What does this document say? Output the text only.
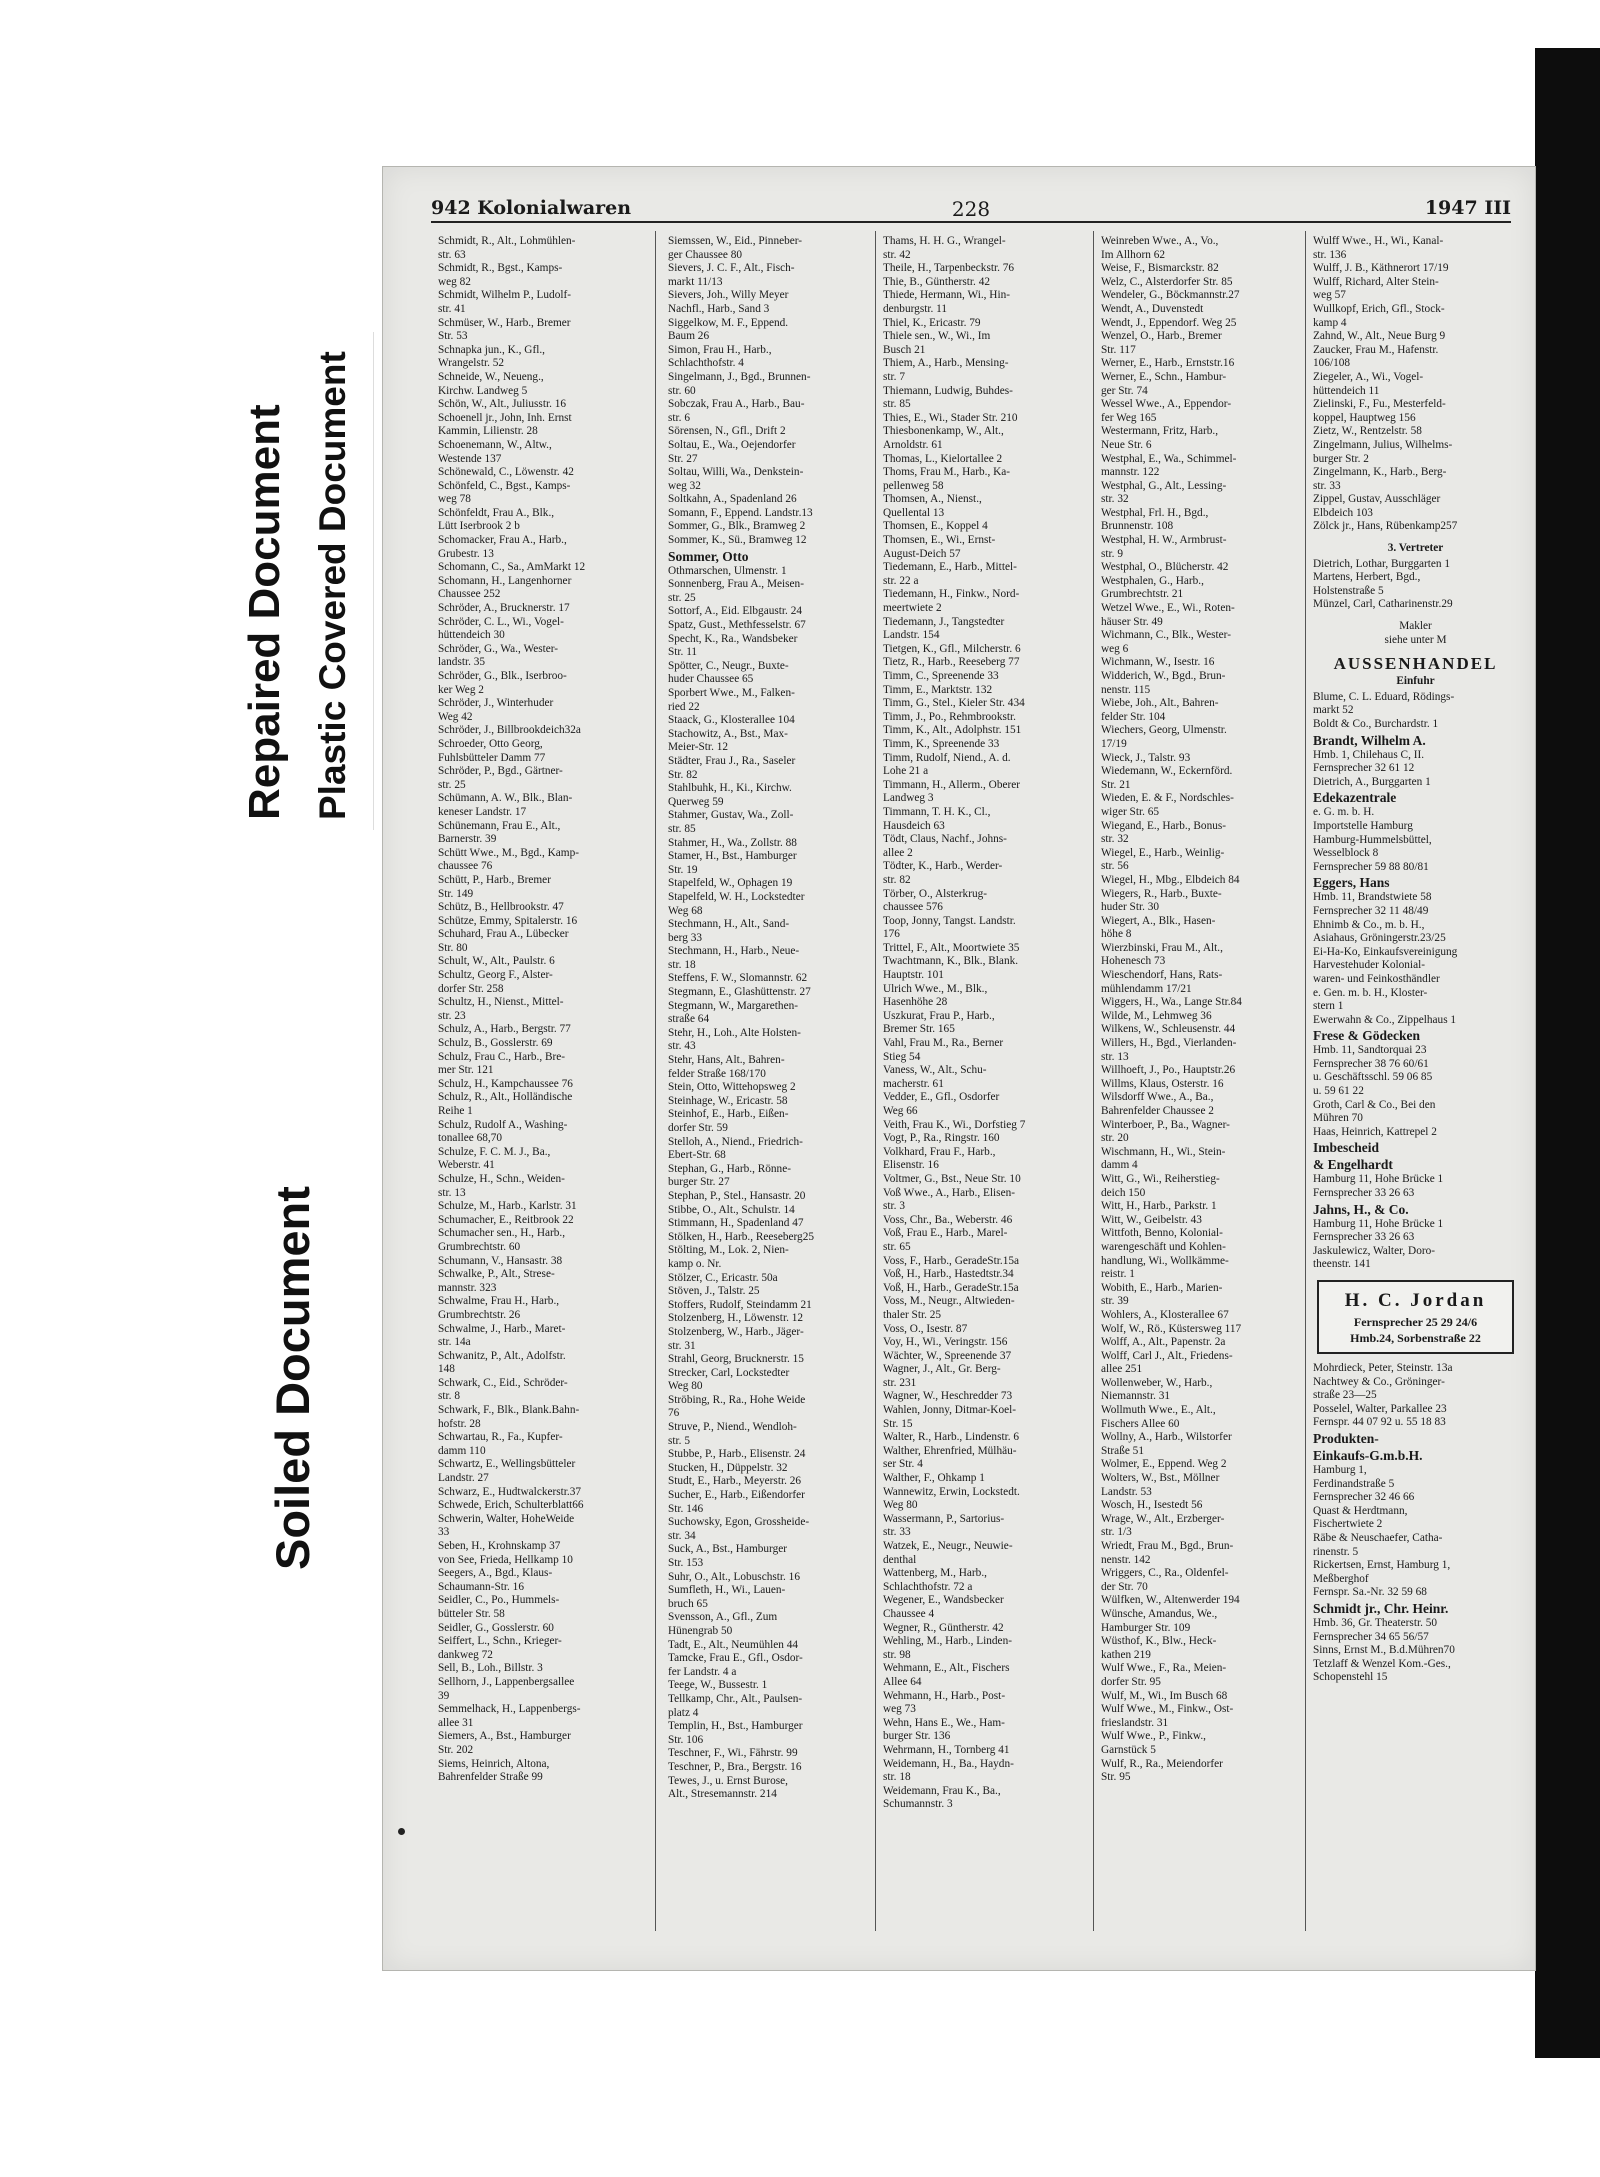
Repaired Document Plastic Covered Document
Soiled Document
942 Kolonialwaren	228	1947 III
Schmidt, R., Alt., Lohmühlen-
str. 63
Schmidt, R., Bgst., Kamps-
weg 82
Schmidt, Wilhelm P., Ludolf-
str. 41
Schmüser, W., Harb., Bremer
Str. 53
Schnapka jun., K., Gfl.,
Wrangelstr. 52
Schneide, W., Neueng.,
Kirchw. Landweg 5
Schön, W., Alt., Juliusstr. 16
Schoenell jr., John, Inh. Ernst
Kammin, Lilienstr. 28
Schoenemann, W., Altw.,
Westende 137
Schönewald, C., Löwenstr. 42
Schönfeld, C., Bgst., Kamps-
weg 78
Schönfeldt, Frau A., Blk.,
Lütt Iserbrook 2 b
Schomacker, Frau A., Harb.,
Grubestr. 13
Schomann, C., Sa., AmMarkt 12
Schomann, H., Langenhorner
Chaussee 252
Schröder, A., Brucknerstr. 17
Schröder, C. L., Wi., Vogel-
hüttendeich 30
Schröder, G., Wa., Wester-
landstr. 35
Schröder, G., Blk., Iserbroo-
ker Weg 2
Schröder, J., Winterhuder
Weg 42
Schröder, J., Billbrookdeich32a
Schroeder, Otto Georg,
Fuhlsbütteler Damm 77
Schröder, P., Bgd., Gärtner-
str. 25
Schümann, A. W., Blk., Blan-
keneser Landstr. 17
Schünemann, Frau E., Alt.,
Barnerstr. 39
Schütt Wwe., M., Bgd., Kamp-
chaussee 76
Schütt, P., Harb., Bremer
Str. 149
Schütz, B., Hellbrookstr. 47
Schütze, Emmy, Spitalerstr. 16
Schuhard, Frau A., Lübecker
Str. 80
Schult, W., Alt., Paulstr. 6
Schultz, Georg F., Alster-
dorfer Str. 258
Schultz, H., Nienst., Mittel-
str. 23
Schulz, A., Harb., Bergstr. 77
Schulz, B., Gosslerstr. 69
Schulz, Frau C., Harb., Bre-
mer Str. 121
Schulz, H., Kampchaussee 76
Schulz, R., Alt., Holländische
Reihe 1
Schulz, Rudolf A., Washing-
tonallee 68,70
Schulze, F. C. M. J., Ba.,
Weberstr. 41
Schulze, H., Schn., Weiden-
str. 13
Schulze, M., Harb., Karlstr. 31
Schumacher, E., Reitbrook 22
Schumacher sen., H., Harb.,
Grumbrechtstr. 60
Schumann, V., Hansastr. 38
Schwalke, P., Alt., Strese-
mannstr. 323
Schwalme, Frau H., Harb.,
Grumbrechtstr. 26
Schwalme, J., Harb., Maret-
str. 14a
Schwanitz, P., Alt., Adolfstr.
148
Schwark, C., Eid., Schröder-
str. 8
Schwark, F., Blk., Blank.Bahn-
hofstr. 28
Schwartau, R., Fa., Kupfer-
damm 110
Schwartz, E., Wellingsbütteler
Landstr. 27
Schwarz, E., Hudtwalckerstr.37
Schwede, Erich, Schulterblatt66
Schwerin, Walter, HoheWeide
33
Seben, H., Krohnskamp 37
von See, Frieda, Hellkamp 10
Seegers, A., Bgd., Klaus-
Schaumann-Str. 16
Seidler, C., Po., Hummels-
bütteler Str. 58
Seidler, G., Gosslerstr. 60
Seiffert, L., Schn., Krieger-
dankweg 72
Sell, B., Loh., Billstr. 3
Sellhorn, J., Lappenbergsallee
39
Semmelhack, H., Lappenbergs-
allee 31
Siemers, A., Bst., Hamburger
Str. 202
Siems, Heinrich, Altona,
Bahrenfelder Straße 99
Siemssen, W., Eid., Pinneber-
ger Chaussee 80
Sievers, J. C. F., Alt., Fisch-
markt 11/13
Sievers, Joh., Willy Meyer
Nachfl., Harb., Sand 3
Siggelkow, M. F., Eppend.
Baum 26
Simon, Frau H., Harb.,
Schlachthofstr. 4
Singelmann, J., Bgd., Brunnen-
str. 60
Sobczak, Frau A., Harb., Bau-
str. 6
Sörensen, N., Gfl., Drift 2
Soltau, E., Wa., Oejendorfer
Str. 27
Soltau, Willi, Wa., Denkstein-
weg 32
Soltkahn, A., Spadenland 26
Somann, F., Eppend. Landstr.13
Sommer, G., Blk., Bramweg 2
Sommer, K., Sü., Bramweg 12
Sommer, Otto
Othmarschen, Ulmenstr. 1
Sonnenberg, Frau A., Meisen-
str. 25
Sottorf, A., Eid. Elbgaustr. 24
Spatz, Gust., Methfesselstr. 67
Specht, K., Ra., Wandsbeker
Str. 11
Spötter, C., Neugr., Buxte-
huder Chaussee 65
Sporbert Wwe., M., Falken-
ried 22
Staack, G., Klosterallee 104
Stachowitz, A., Bst., Max-
Meier-Str. 12
Städter, Frau J., Ra., Saseler
Str. 82
Stahlbuhk, H., Ki., Kirchw.
Querweg 59
Stahmer, Gustav, Wa., Zoll-
str. 85
Stahmer, H., Wa., Zollstr. 88
Stamer, H., Bst., Hamburger
Str. 19
Stapelfeld, W., Ophagen 19
Stapelfeld, W. H., Lockstedter
Weg 68
Stechmann, H., Alt., Sand-
berg 33
Stechmann, H., Harb., Neue-
str. 18
Steffens, F. W., Slomannstr. 62
Stegmann, E., Glashüttenstr. 27
Stegmann, W., Margarethen-
straße 64
Stehr, H., Loh., Alte Holsten-
str. 43
Stehr, Hans, Alt., Bahren-
felder Straße 168/170
Stein, Otto, Wittehopsweg 2
Steinhage, W., Ericastr. 58
Steinhof, E., Harb., Eißen-
dorfer Str. 59
Stelloh, A., Niend., Friedrich-
Ebert-Str. 68
Stephan, G., Harb., Rönne-
burger Str. 27
Stephan, P., Stel., Hansastr. 20
Stibbe, O., Alt., Schulstr. 14
Stimmann, H., Spadenland 47
Stölken, H., Harb., Reeseberg25
Stölting, M., Lok. 2, Nien-
kamp o. Nr.
Stölzer, C., Ericastr. 50a
Stöven, J., Talstr. 25
Stoffers, Rudolf, Steindamm 21
Stolzenberg, H., Löwenstr. 12
Stolzenberg, W., Harb., Jäger-
str. 31
Strahl, Georg, Brucknerstr. 15
Strecker, Carl, Lockstedter
Weg 80
Ströbing, R., Ra., Hohe Weide
76
Struve, P., Niend., Wendloh-
str. 5
Stubbe, P., Harb., Elisenstr. 24
Stucken, H., Düppelstr. 32
Studt, E., Harb., Meyerstr. 26
Sucher, E., Harb., Eißendorfer
Str. 146
Suchowsky, Egon, Grossheide-
str. 34
Suck, A., Bst., Hamburger
Str. 153
Suhr, O., Alt., Lobuschstr. 16
Sumfleth, H., Wi., Lauen-
bruch 65
Svensson, A., Gfl., Zum
Hünengrab 50
Tadt, E., Alt., Neumühlen 44
Tamcke, Frau E., Gfl., Osdor-
fer Landstr. 4 a
Teege, W., Bussestr. 1
Tellkamp, Chr., Alt., Paulsen-
platz 4
Templin, H., Bst., Hamburger
Str. 106
Teschner, F., Wi., Fährstr. 99
Teschner, P., Bra., Bergstr. 16
Tewes, J., u. Ernst Burose,
Alt., Stresemannstr. 214
Thams, H. H. G., Wrangel-
str. 42
Theile, H., Tarpenbeckstr. 76
Thie, B., Güntherstr. 42
Thiede, Hermann, Wi., Hin-
denburgstr. 11
Thiel, K., Ericastr. 79
Thiele sen., W., Wi., Im
Busch 21
Thiem, A., Harb., Mensing-
str. 7
Thiemann, Ludwig, Buhdes-
str. 85
Thies, E., Wi., Stader Str. 210
Thiesbonenkamp, W., Alt.,
Arnoldstr. 61
Thomas, L., Kielortallee 2
Thoms, Frau M., Harb., Ka-
pellenweg 58
Thomsen, A., Nienst.,
Quellental 13
Thomsen, E., Koppel 4
Thomsen, E., Wi., Ernst-
August-Deich 57
Tiedemann, E., Harb., Mittel-
str. 22 a
Tiedemann, H., Finkw., Nord-
meertwiete 2
Tiedemann, J., Tangstedter
Landstr. 154
Tietgen, K., Gfl., Milcherstr. 6
Tietz, R., Harb., Reeseberg 77
Timm, C., Spreenende 33
Timm, E., Marktstr. 132
Timm, G., Stel., Kieler Str. 434
Timm, J., Po., Rehmbrookstr.
Timm, K., Alt., Adolphstr. 151
Timm, K., Spreenende 33
Timm, Rudolf, Niend., A. d.
Lohe 21 a
Timmann, H., Allerm., Oberer
Landweg 3
Timmann, T. H. K., Cl.,
Hausdeich 63
Tödt, Claus, Nachf., Johns-
allee 2
Tödter, K., Harb., Werder-
str. 82
Törber, O., Alsterkrug-
chaussee 576
Toop, Jonny, Tangst. Landstr.
176
Trittel, F., Alt., Moortwiete 35
Twachtmann, K., Blk., Blank.
Hauptstr. 101
Ulrich Wwe., M., Blk.,
Hasenhöhe 28
Uszkurat, Frau P., Harb.,
Bremer Str. 165
Vahl, Frau M., Ra., Berner
Stieg 54
Vaness, W., Alt., Schu-
macherstr. 61
Vedder, E., Gfl., Osdorfer
Weg 66
Veith, Frau K., Wi., Dorfstieg 7
Vogt, P., Ra., Ringstr. 160
Volkhard, Frau F., Harb.,
Elisenstr. 16
Voltmer, G., Bst., Neue Str. 10
Voß Wwe., A., Harb., Elisen-
str. 3
Voss, Chr., Ba., Weberstr. 46
Voß, Frau E., Harb., Marel-
str. 65
Voss, F., Harb., GeradeStr.15a
Voß, H., Harb., Hastedtstr.34
Voß, H., Harb., GeradeStr.15a
Voss, M., Neugr., Altwieden-
thaler Str. 25
Voss, O., Isestr. 87
Voy, H., Wi., Veringstr. 156
Wächter, W., Spreenende 37
Wagner, J., Alt., Gr. Berg-
str. 231
Wagner, W., Heschredder 73
Wahlen, Jonny, Ditmar-Koel-
Str. 15
Walter, R., Harb., Lindenstr. 6
Walther, Ehrenfried, Mülhäu-
ser Str. 4
Walther, F., Ohkamp 1
Wannewitz, Erwin, Lockstedt.
Weg 80
Wassermann, P., Sartorius-
str. 33
Watzek, E., Neugr., Neuwie-
denthal
Wattenberg, M., Harb.,
Schlachthofstr. 72 a
Wegener, E., Wandsbecker
Chaussee 4
Wegner, R., Güntherstr. 42
Wehling, M., Harb., Linden-
str. 98
Wehmann, E., Alt., Fischers
Allee 64
Wehmann, H., Harb., Post-
weg 73
Wehn, Hans E., We., Ham-
burger Str. 136
Wehrmann, H., Tornberg 41
Weidemann, H., Ba., Haydn-
str. 18
Weidemann, Frau K., Ba.,
Schumannstr. 3
Weinreben Wwe., A., Vo.,
Im Allhorn 62
Weise, F., Bismarckstr. 82
Welz, C., Alsterdorfer Str. 85
Wendeler, G., Böckmannstr.27
Wendt, A., Duvenstedt
Wendt, J., Eppendorf. Weg 25
Wenzel, O., Harb., Bremer
Str. 117
Werner, E., Harb., Ernststr.16
Werner, E., Schn., Hambur-
ger Str. 74
Wessel Wwe., A., Eppendor-
fer Weg 165
Westermann, Fritz, Harb.,
Neue Str. 6
Westphal, E., Wa., Schimmel-
mannstr. 122
Westphal, G., Alt., Lessing-
str. 32
Westphal, Frl. H., Bgd.,
Brunnenstr. 108
Westphal, H. W., Armbrust-
str. 9
Westphal, O., Blücherstr. 42
Westphalen, G., Harb.,
Grumbrechtstr. 21
Wetzel Wwe., E., Wi., Roten-
häuser Str. 49
Wichmann, C., Blk., Wester-
weg 6
Wichmann, W., Isestr. 16
Widderich, W., Bgd., Brun-
nenstr. 115
Wiebe, Joh., Alt., Bahren-
felder Str. 104
Wiechers, Georg, Ulmenstr.
17/19
Wieck, J., Talstr. 93
Wiedemann, W., Eckernförd.
Str. 21
Wieden, E. & F., Nordschles-
wiger Str. 65
Wiegand, E., Harb., Bonus-
str. 32
Wiegel, E., Harb., Weinlig-
str. 56
Wiegel, H., Mbg., Elbdeich 84
Wiegers, R., Harb., Buxte-
huder Str. 30
Wiegert, A., Blk., Hasen-
höhe 8
Wierzbinski, Frau M., Alt.,
Hohenesch 73
Wieschendorf, Hans, Rats-
mühlendamm 17/21
Wiggers, H., Wa., Lange Str.84
Wilde, M., Lehmweg 36
Wilkens, W., Schleusenstr. 44
Willers, H., Bgd., Vierlanden-
str. 13
Willhoeft, J., Po., Hauptstr.26
Willms, Klaus, Osterstr. 16
Wilsdorff Wwe., A., Ba.,
Bahrenfelder Chaussee 2
Winterboer, P., Ba., Wagner-
str. 20
Wischmann, H., Wi., Stein-
damm 4
Witt, G., Wi., Reiherstieg-
deich 150
Witt, H., Harb., Parkstr. 1
Witt, W., Geibelstr. 43
Wittfoth, Benno, Kolonial-
warengeschäft und Kohlen-
handlung, Wi., Wollkämme-
reistr. 1
Wobith, E., Harb., Marien-
str. 39
Wohlers, A., Klosterallee 67
Wolf, W., Rö., Küstersweg 117
Wolff, A., Alt., Papenstr. 2a
Wolff, Carl J., Alt., Friedens-
allee 251
Wollenweber, W., Harb.,
Niemannstr. 31
Wollmuth Wwe., E., Alt.,
Fischers Allee 60
Wollny, A., Harb., Wilstorfer
Straße 51
Wolmer, E., Eppend. Weg 2
Wolters, W., Bst., Möllner
Landstr. 53
Wosch, H., Isestedt 56
Wrage, W., Alt., Erzberger-
str. 1/3
Wriedt, Frau M., Bgd., Brun-
nenstr. 142
Wriggers, C., Ra., Oldenfel-
der Str. 70
Wülfken, W., Altenwerder 194
Wünsche, Amandus, We.,
Hamburger Str. 109
Wüsthof, K., Blw., Heck-
kathen 219
Wulf Wwe., F., Ra., Meien-
dorfer Str. 95
Wulf, M., Wi., Im Busch 68
Wulf Wwe., M., Finkw., Ost-
frieslandstr. 31
Wulf Wwe., P., Finkw.,
Garnstück 5
Wulf, R., Ra., Meiendorfer
Str. 95
Wulff Wwe., H., Wi., Kanal-
str. 136
Wulff, J. B., Käthnerort 17/19
Wulff, Richard, Alter Stein-
weg 57
Wullkopf, Erich, Gfl., Stock-
kamp 4
Zahnd, W., Alt., Neue Burg 9
Zaucker, Frau M., Hafenstr.
106/108
Ziegeler, A., Wi., Vogel-
hüttendeich 11
Zielinski, F., Fu., Mesterfeld-
koppel, Hauptweg 156
Zietz, W., Rentzelstr. 58
Zingelmann, Julius, Wilhelms-
burger Str. 2
Zingelmann, K., Harb., Berg-
str. 33
Zippel, Gustav, Ausschläger
Elbdeich 103
Zölck jr., Hans, Rübenkamp257
3. Vertreter
Dietrich, Lothar, Burggarten 1
Martens, Herbert, Bgd.,
Holstenstraße 5
Münzel, Carl, Catharinenstr.29
Makler
siehe unter M
AUSSENHANDEL
Einfuhr
Blume, C. L. Eduard, Rödings-
markt 52
Boldt & Co., Burchardstr. 1
Brandt, Wilhelm A.
Hmb. 1, Chilehaus C, II.
Fernsprecher 32 61 12
Dietrich, A., Burggarten 1
Edekazentrale
e. G. m. b. H.
Importstelle Hamburg
Hamburg-Hummelsbüttel,
Wesselblock 8
Fernsprecher 59 88 80/81
Eggers, Hans
Hmb. 11, Brandstwiete 58
Fernsprecher 32 11 48/49
Ehnimb & Co., m. b. H.,
Asiahaus, Gröningerstr.23/25
Ei-Ha-Ko, Einkaufsvereinigung
Harvestehuder Kolonial-
waren- und Feinkosthändler
e. Gen. m. b. H., Kloster-
stern 1
Ewerwahn & Co., Zippelhaus 1
Frese & Gödecken
Hmb. 11, Sandtorquai 23
Fernsprecher 38 76 60/61
u. Geschäftsschl. 59 06 85
u. 59 61 22
Groth, Carl & Co., Bei den
Mühren 70
Haas, Heinrich, Kattrepel 2
Imbescheid
& Engelhardt
Hamburg 11, Hohe Brücke 1
Fernsprecher 33 26 63
Jahns, H., & Co.
Hamburg 11, Hohe Brücke 1
Fernsprecher 33 26 63
Jaskulewicz, Walter, Doro-
theenstr. 141
H. C. Jordan
Fernsprecher 25 29 24/6
Hmb.24, Sorbenstraße 22
Mohrdieck, Peter, Steinstr. 13a
Nachtwey & Co., Gröninger-
straße 23—25
Posselel, Walter, Parkallee 23
Fernspr. 44 07 92 u. 55 18 83
Produkten-
Einkaufs-G.m.b.H.
Hamburg 1,
Ferdinandstraße 5
Fernsprecher 32 46 66
Quast & Herdtmann,
Fischertwiete 2
Räbe & Neuschaefer, Catha-
rinenstr. 5
Rickertsen, Ernst, Hamburg 1,
Meßberghof
Fernspr. Sa.-Nr. 32 59 68
Schmidt jr., Chr. Heinr.
Hmb. 36, Gr. Theaterstr. 50
Fernsprecher 34 65 56/57
Sinns, Ernst M., B.d.Mühren70
Tetzlaff & Wenzel Kom.-Ges.,
Schopenstehl 15
